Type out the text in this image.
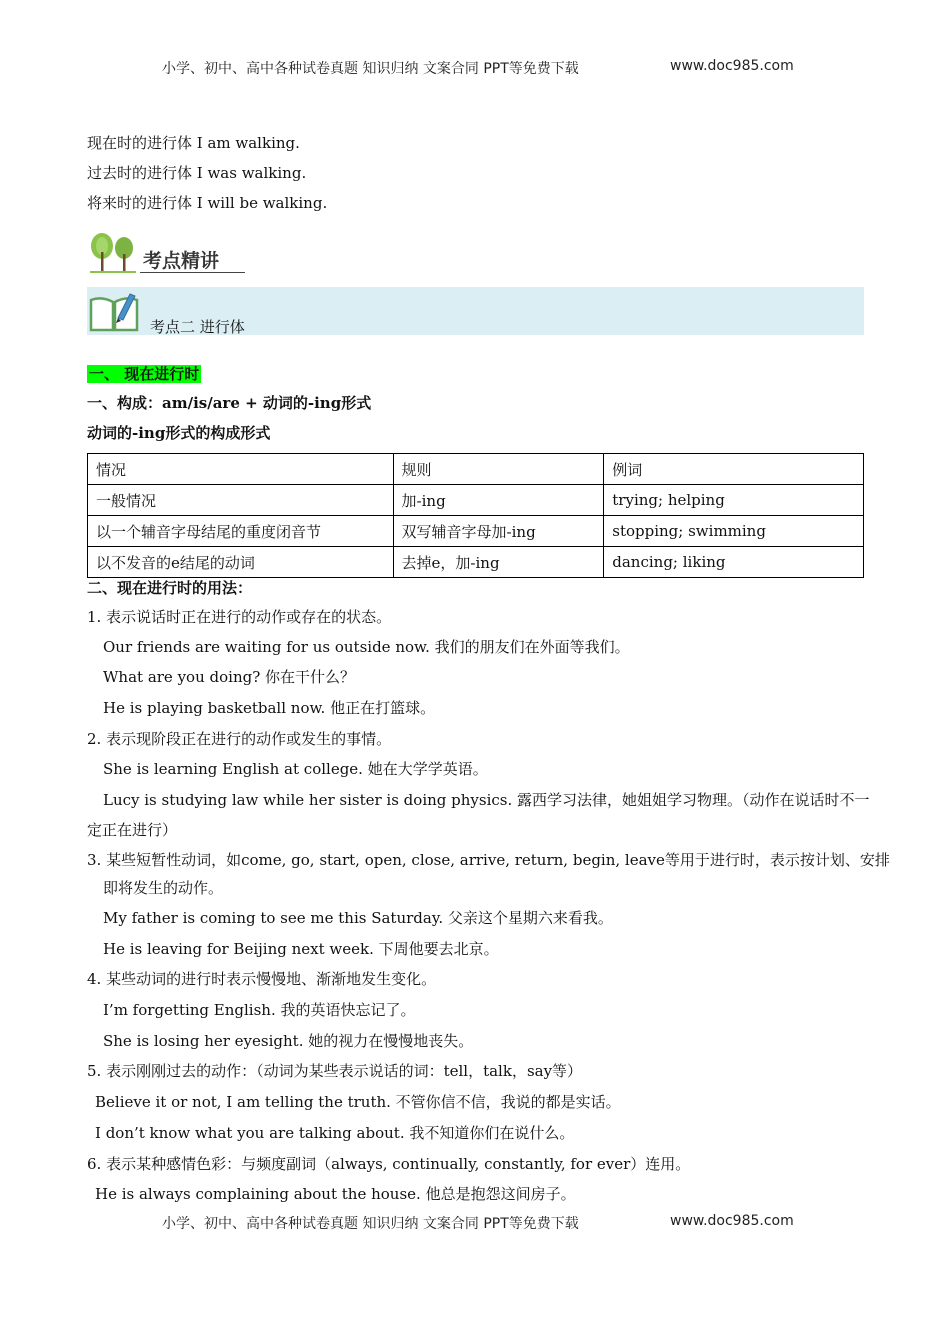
小学、初中、高中各种试卷真题 知识归纳 文案合同 PPT等免费下载	www.doc985.com
现在时的进行体 I am walking.
过去时的进行体 I was walking.
将来时的进行体 I will be walking.
考点精讲
考点二 进行体
一、 现在进行时
一、构成：am/is/are + 动词的-ing形式
动词的-ing形式的构成形式
情况	规则	例词
一般情况	加-ing	trying; helping
以一个辅音字母结尾的重度闭音节	双写辅音字母加-ing	stopping; swimming
以不发音的e结尾的动词	去掉e，加-ing	dancing; liking
二、现在进行时的用法：
1. 表示说话时正在进行的动作或存在的状态。
Our friends are waiting for us outside now. 我们的朋友们在外面等我们。
What are you doing? 你在干什么？
He is playing basketball now. 他正在打篮球。
2. 表示现阶段正在进行的动作或发生的事情。
She is learning English at college. 她在大学学英语。
Lucy is studying law while her sister is doing physics. 露西学习法律，她姐姐学习物理。（动作在说话时不一
定正在进行）
3. 某些短暂性动词，如come, go, start, open, close, arrive, return, begin, leave等用于进行时，表示按计划、安排
即将发生的动作。
My father is coming to see me this Saturday. 父亲这个星期六来看我。
He is leaving for Beijing next week. 下周他要去北京。
4. 某些动词的进行时表示慢慢地、渐渐地发生变化。
I’m forgetting English. 我的英语快忘记了。
She is losing her eyesight. 她的视力在慢慢地丧失。
5. 表示刚刚过去的动作：（动词为某些表示说话的词：tell，talk，say等）
Believe it or not, I am telling the truth. 不管你信不信，我说的都是实话。
I don’t know what you are talking about. 我不知道你们在说什么。
6. 表示某种感情色彩：与频度副词（always, continually, constantly, for ever）连用。
He is always complaining about the house. 他总是抱怨这间房子。
小学、初中、高中各种试卷真题 知识归纳 文案合同 PPT等免费下载	www.doc985.com
